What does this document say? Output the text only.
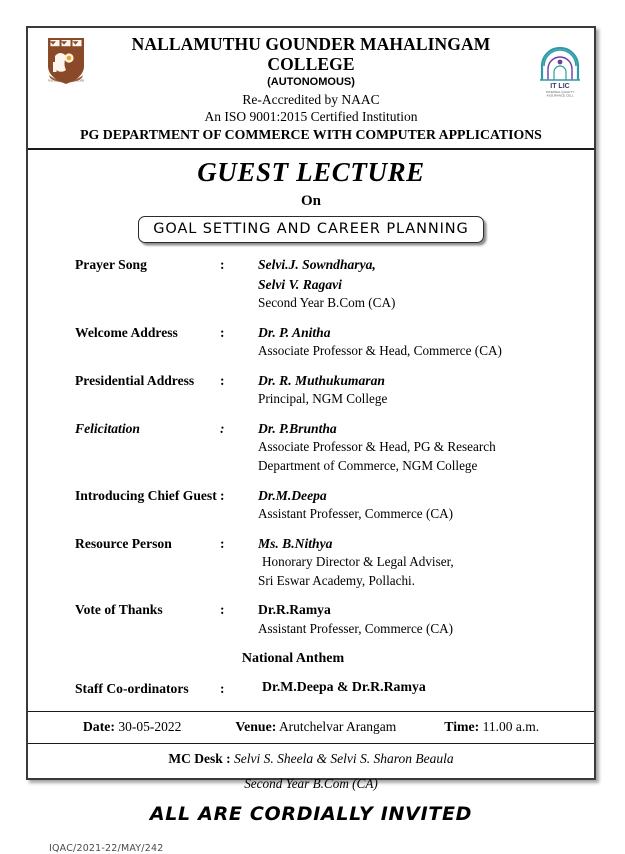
NALLAMUTHU GOUNDER
IT LIC
INTERNAL QUALITY
ASSURANCE CELL
NALLAMUTHU GOUNDER MAHALINGAM COLLEGE
(AUTONOMOUS)
Re-Accredited by NAAC
An ISO 9001:2015 Certified Institution
PG DEPARTMENT OF COMMERCE WITH COMPUTER APPLICATIONS
GUEST LECTURE
On
GOAL SETTING AND CAREER PLANNING
Prayer Song	:	Selvi.J. Sowndharya,
Selvi V. Ragavi
Second Year B.Com (CA)
Welcome Address	:	Dr. P. Anitha
Associate Professor & Head, Commerce (CA)
Presidential Address	:	Dr. R. Muthukumaran
Principal, NGM College
Felicitation	:	Dr. P.Bruntha
Associate Professor & Head, PG & Research
Department of Commerce, NGM College
Introducing Chief Guest :	Dr.M.Deepa
Assistant Professer, Commerce (CA)
Resource Person	:	Ms. B.Nithya
Honorary Director & Legal Adviser,
Sri Eswar Academy, Pollachi.
Vote of Thanks	:	Dr.R.Ramya
Assistant Professer, Commerce (CA)
National Anthem
Staff Co-ordinators	:	Dr.M.Deepa & Dr.R.Ramya
Date: 30-05-2022	Venue: Arutchelvar Arangam	Time: 11.00 a.m.
MC Desk : Selvi S. Sheela & Selvi S. Sharon Beaula
Second Year B.Com (CA)
ALL ARE CORDIALLY INVITED
IQAC/2021-22/MAY/242
